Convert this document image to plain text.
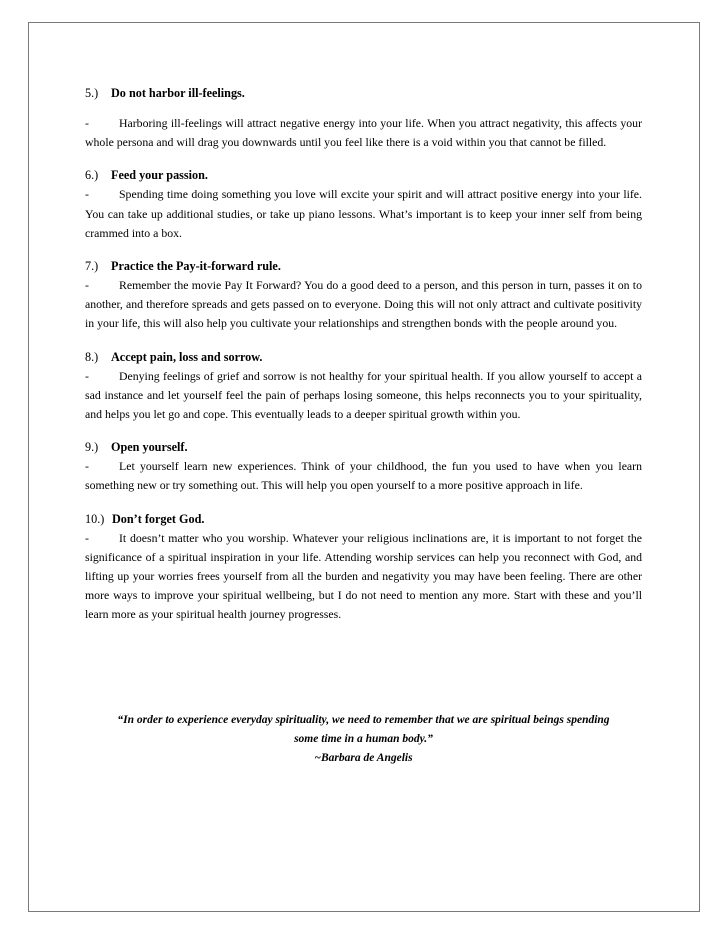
5.)	Do not harbor ill-feelings.

-	Harboring ill-feelings will attract negative energy into your life. When you attract negativity, this affects your whole persona and will drag you downwards until you feel like there is a void within you that cannot be filled.

6.)	Feed your passion.

-	Spending time doing something you love will excite your spirit and will attract positive energy into your life. You can take up additional studies, or take up piano lessons. What’s important is to keep your inner self from being crammed into a box.

7.)	Practice the Pay-it-forward rule.

-	Remember the movie Pay It Forward? You do a good deed to a person, and this person in turn, passes it on to another, and therefore spreads and gets passed on to everyone. Doing this will not only attract and cultivate positivity in your life, this will also help you cultivate your relationships and strengthen bonds with the people around you.

8.)	Accept pain, loss and sorrow.

-	Denying feelings of grief and sorrow is not healthy for your spiritual health. If you allow yourself to accept a sad instance and let yourself feel the pain of perhaps losing someone, this helps reconnects you to your spirituality, and helps you let go and cope. This eventually leads to a deeper spiritual growth within you.

9.)	Open yourself.

-	Let yourself learn new experiences. Think of your childhood, the fun you used to have when you learn something new or try something out. This will help you open yourself to a more positive approach in life.

10.) Don’t forget God.

-	It doesn’t matter who you worship. Whatever your religious inclinations are, it is important to not forget the significance of a spiritual inspiration in your life. Attending worship services can help you reconnect with God, and lifting up your worries frees yourself from all the burden and negativity you may have been feeling. There are other more ways to improve your spiritual wellbeing, but I do not need to mention any more. Start with these and you’ll learn more as your spiritual health journey progresses.

“In order to experience everyday spirituality, we need to remember that we are spiritual beings spending
some time in a human body.”
~Barbara de Angelis
